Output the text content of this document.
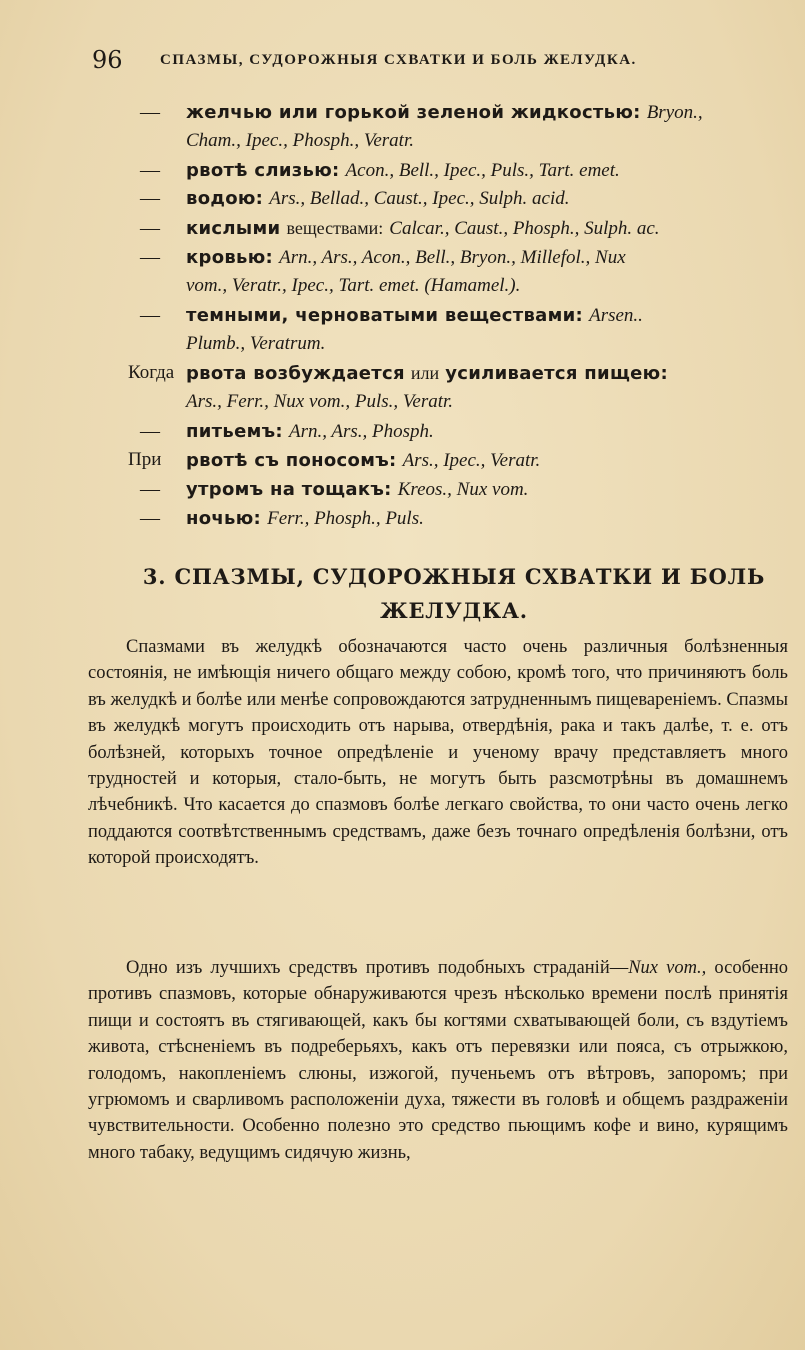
96	СПАЗМЫ, СУДОРОЖНЫЯ СХВАТКИ И БОЛЬ ЖЕЛУДКА.
— желчью или горькой зеленой жидкостью: Bryon.,
Cham., Ipec., Phosph., Veratr.
— рвотѣ слизью: Acon., Bell., Ipec., Puls., Tart. emet.
— водою: Ars., Bellad., Caust., Ipec., Sulph. acid.
— кислыми веществами: Calcar., Caust., Phosph., Sulph. ac.
— кровью: Arn., Ars., Acon., Bell., Bryon., Millefol., Nux
vom., Veratr., Ipec., Tart. emet. (Hamamel.).
— темными, черноватыми веществами: Arsen..
Plumb., Veratrum.
Когда рвота возбуждается или усиливается пищею:
Ars., Ferr., Nux vom., Puls., Veratr.
— питьемъ: Arn., Ars., Phosph.
При рвотѣ съ поносомъ: Ars., Ipec., Veratr.
— утромъ на тощакъ: Kreos., Nux vom.
— ночью: Ferr., Phosph., Puls.
3. СПАЗМЫ, СУДОРОЖНЫЯ СХВАТКИ И БОЛЬ ЖЕЛУДКА.
Спазмами въ желудкѣ обозначаются часто очень различныя болѣзненныя состоянія, не имѣющія ничего общаго между собою, кромѣ того, что причиняютъ боль въ желудкѣ и болѣе или менѣе сопровождаются затрудненнымъ пищевареніемъ. Спазмы въ желудкѣ могутъ происходить отъ нарыва, отвердѣнія, рака и такъ далѣе, т. е. отъ болѣзней, которыхъ точное опредѣленіе и ученому врачу представляетъ много трудностей и которыя, стало-быть, не могутъ быть разсмотрѣны въ домашнемъ лѣчебникѣ. Что касается до спазмовъ болѣе легкаго свойства, то они часто очень легко поддаются соотвѣтственнымъ средствамъ, даже безъ точнаго опредѣленія болѣзни, отъ которой происходятъ.
Одно изъ лучшихъ средствъ противъ подобныхъ страданій—Nux vom., особенно противъ спазмовъ, которые обнаруживаются чрезъ нѣсколько времени послѣ принятія пищи и состоятъ въ стягивающей, какъ бы когтями схватывающей боли, съ вздутіемъ живота, стѣсненіемъ въ подреберьяхъ, какъ отъ перевязки или пояса, съ отрыжкою, голодомъ, накопленіемъ слюны, изжогой, пученьемъ отъ вѣтровъ, запоромъ; при угрюмомъ и сварливомъ расположеніи духа, тяжести въ головѣ и общемъ раздраженіи чувствительности. Особенно полезно это средство пьющимъ кофе и вино, курящимъ много табаку, ведущимъ сидячую жизнь,
